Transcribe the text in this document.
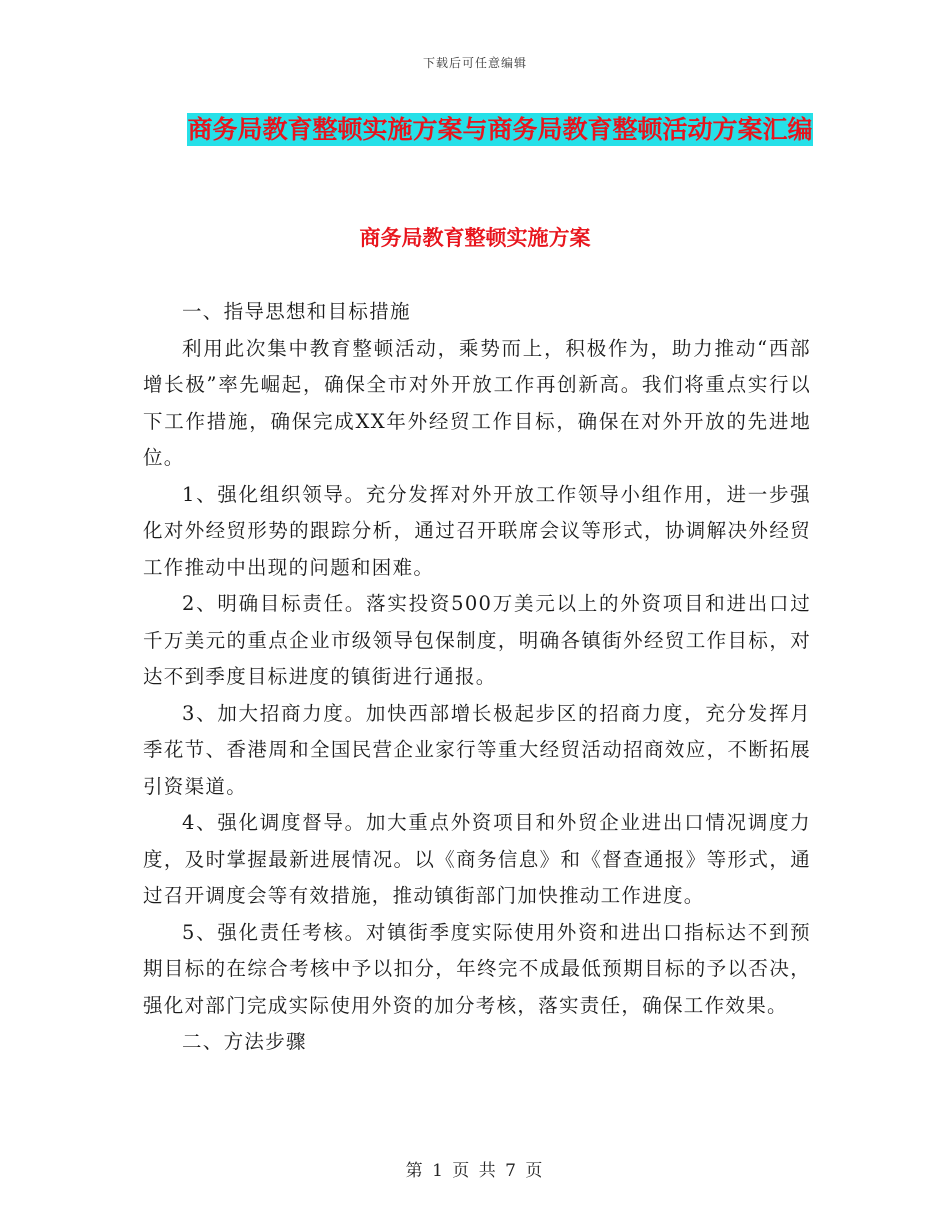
下载后可任意编辑
商务局教育整顿实施方案与商务局教育整顿活动方案汇编
商务局教育整顿实施方案

一、指导思想和目标措施

利用此次集中教育整顿活动，乘势而上，积极作为，助力推动“西部增长极”率先崛起，确保全市对外开放工作再创新高。我们将重点实行以下工作措施，确保完成XX年外经贸工作目标，确保在对外开放的先进地位。

1、强化组织领导。充分发挥对外开放工作领导小组作用，进一步强化对外经贸形势的跟踪分析，通过召开联席会议等形式，协调解决外经贸工作推动中出现的问题和困难。

2、明确目标责任。落实投资500万美元以上的外资项目和进出口过千万美元的重点企业市级领导包保制度，明确各镇街外经贸工作目标，对达不到季度目标进度的镇街进行通报。

3、加大招商力度。加快西部增长极起步区的招商力度，充分发挥月季花节、香港周和全国民营企业家行等重大经贸活动招商效应，不断拓展引资渠道。

4、强化调度督导。加大重点外资项目和外贸企业进出口情况调度力度，及时掌握最新进展情况。以《商务信息》和《督查通报》等形式，通过召开调度会等有效措施，推动镇街部门加快推动工作进度。

5、强化责任考核。对镇街季度实际使用外资和进出口指标达不到预期目标的在综合考核中予以扣分，年终完不成最低预期目标的予以否决，强化对部门完成实际使用外资的加分考核，落实责任，确保工作效果。

二、方法步骤

第 1 页 共 7 页
